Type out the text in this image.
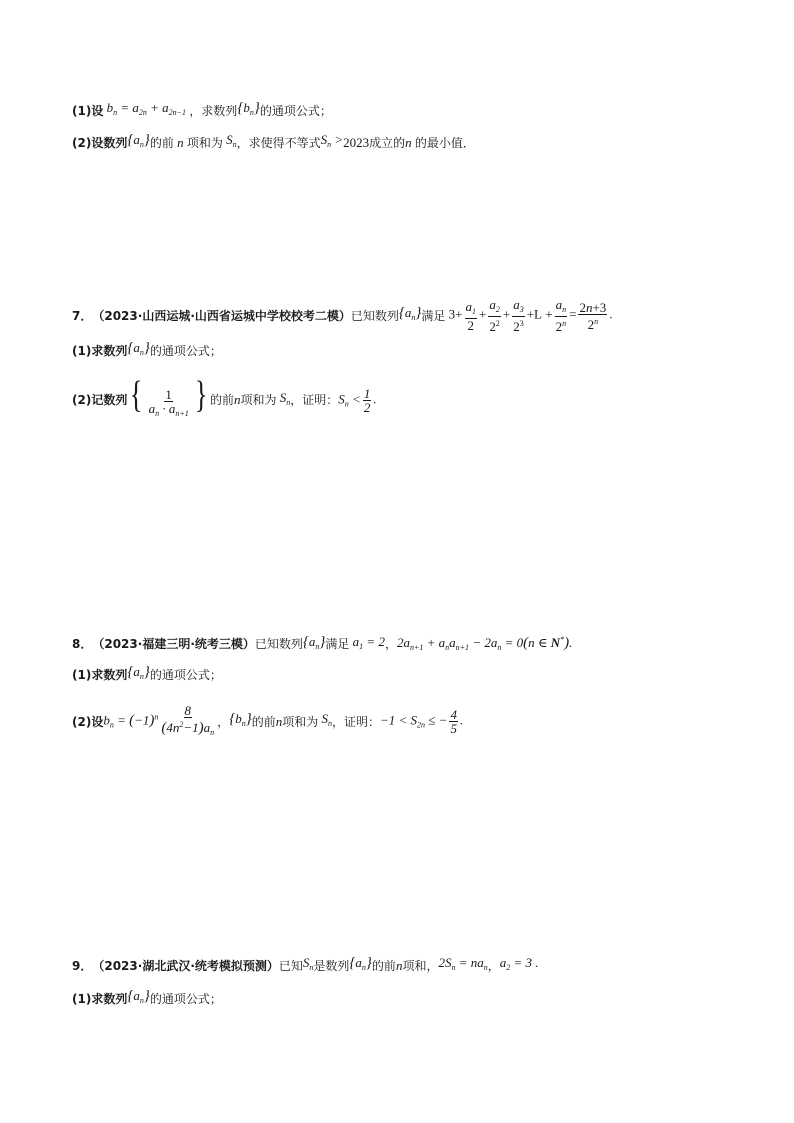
(1)设 $b_n = a_{2n} + a_{2n-1}$ ，求数列 $\{b_n\}$ 的通项公式；
(2)设数列 $\{a_n\}$ 的前 n 项和为 $S_n$ ，求使得不等式 $S_n > 2023$ 成立的 n 的最小值．
7． （2023·山西运城·山西省运城中学校校考二模） 已知数列 $\{a_n\}$ 满足 $3+ \frac{a_1}{2} + \frac{a_2}{2^2} + \frac{a_3}{2^3} +L + \frac{a_n}{2^n} = \frac{2n+3}{2^n}$ .
(1)求数列 $\{a_n\}$ 的通项公式；
(2)记数列 { $\frac{1}{a_n \cdot a_{n+1}}$ } 的前 n 项和为 $S_n$ ，证明： $S_n < \frac{1}{2}$ .
8． （2023·福建三明·统考三模） 已知数列 $\{a_n\}$ 满足 $a_1 = 2$ ， $2a_{n+1} + a_na_{n+1} - 2a_n = 0(n$ ∈ N*).
(1)求数列 $\{a_n\}$ 的通项公式；
(2)设 $b_n = (-1)^n \frac{8}{(4n^2-1)a_n}$ ， $\{b_n\}$ 的前 n 项和为 $S_n$ ，证明： $-1 < S_{2n}$ ≤ − $\frac{4}{5}$ .
9． （2023·湖北武汉·统考模拟预测） 已知 $S_n$ 是数列 $\{a_n\}$ 的前 n 项和， $2S_n = na_n$ ， $a_2 = 3$ .
(1)求数列 $\{a_n\}$ 的通项公式；
